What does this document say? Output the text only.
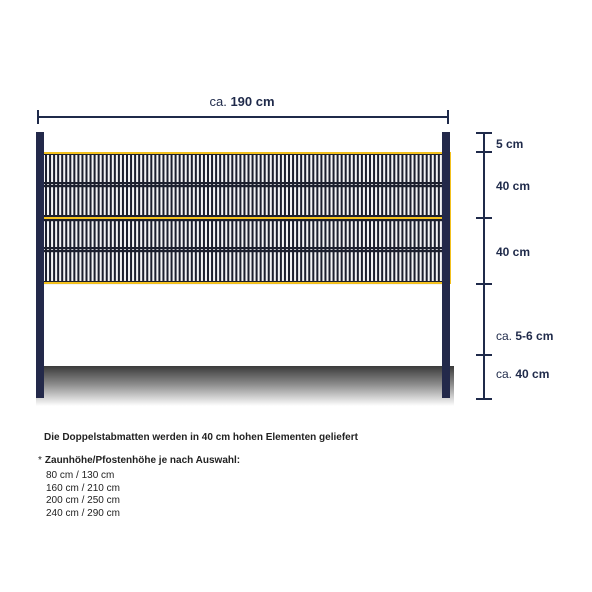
ca. 190 cm
5 cm
40 cm
40 cm
ca. 5-6 cm
ca. 40 cm
Die Doppelstabmatten werden in 40 cm hohen Elementen geliefert
* Zaunhöhe/Pfostenhöhe je nach Auswahl:
80 cm / 130 cm
160 cm / 210 cm
200 cm / 250 cm
240 cm / 290 cm
